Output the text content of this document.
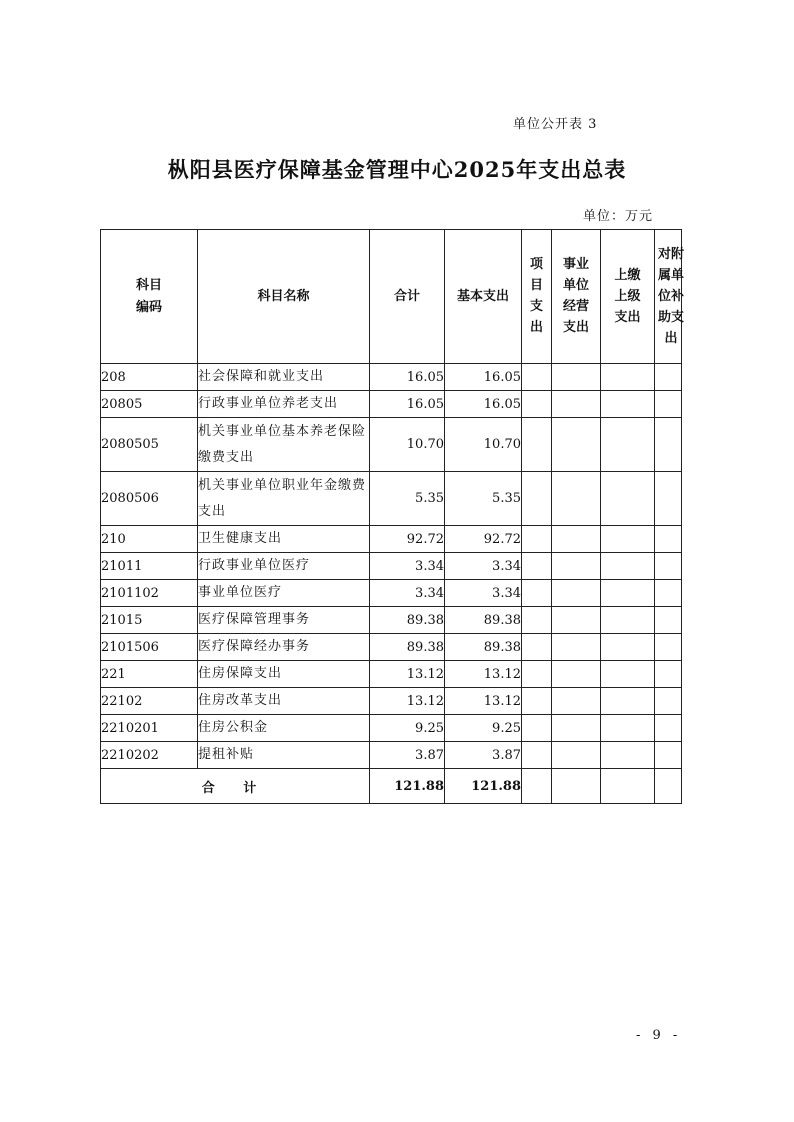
单位公开表 3
枞阳县医疗保障基金管理中心2025年支出总表
单位：万元
科目编码	科目名称	合计	基本支出	项目支出	事业单位经营支出	上缴上级支出	对附属单位补助支出
208	社会保障和就业支出	16.05	16.05				
20805	行政事业单位养老支出	16.05	16.05				
2080505	机关事业单位基本养老保险缴费支出	10.70	10.70				
2080506	机关事业单位职业年金缴费支出	5.35	5.35				
210	卫生健康支出	92.72	92.72				
21011	行政事业单位医疗	3.34	3.34				
2101102	事业单位医疗	3.34	3.34				
21015	医疗保障管理事务	89.38	89.38				
2101506	医疗保障经办事务	89.38	89.38				
221	住房保障支出	13.12	13.12				
22102	住房改革支出	13.12	13.12				
2210201	住房公积金	9.25	9.25				
2210202	提租补贴	3.87	3.87				
合 计		121.88	121.88				
- 9 -
